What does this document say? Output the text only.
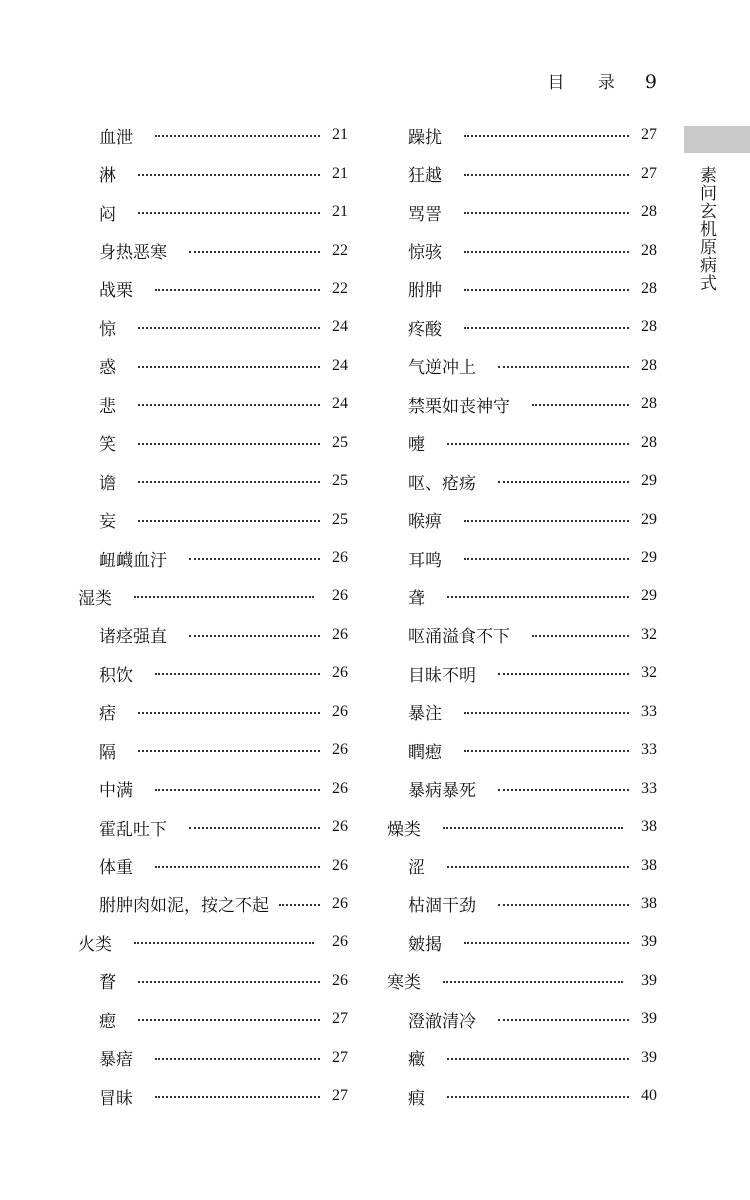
目 录 9
素问玄机原病式
血泄	21
淋	21
闷	21
身热恶寒	22
战栗	22
惊	24
惑	24
悲	24
笑	25
谵	25
妄	25
衄衊血汙	26
湿类	26
诸痉强直	26
积饮	26
痞	26
隔	26
中满	26
霍乱吐下	26
体重	26
胕肿肉如泥，按之不起	26
火类	26
瞀	26
瘛	27
暴瘖	27
冒昧	27
躁扰	27
狂越	27
骂詈	28
惊骇	28
胕肿	28
疼酸	28
气逆冲上	28
禁栗如丧神守	28
嚏	28
呕、疮疡	29
喉痹	29
耳鸣	29
聋	29
呕涌溢食不下	32
目昧不明	32
暴注	33
瞤瘛	33
暴病暴死	33
燥类	38
涩	38
枯涸干劲	38
皴揭	39
寒类	39
澄澈清冷	39
癥	39
瘕	40
